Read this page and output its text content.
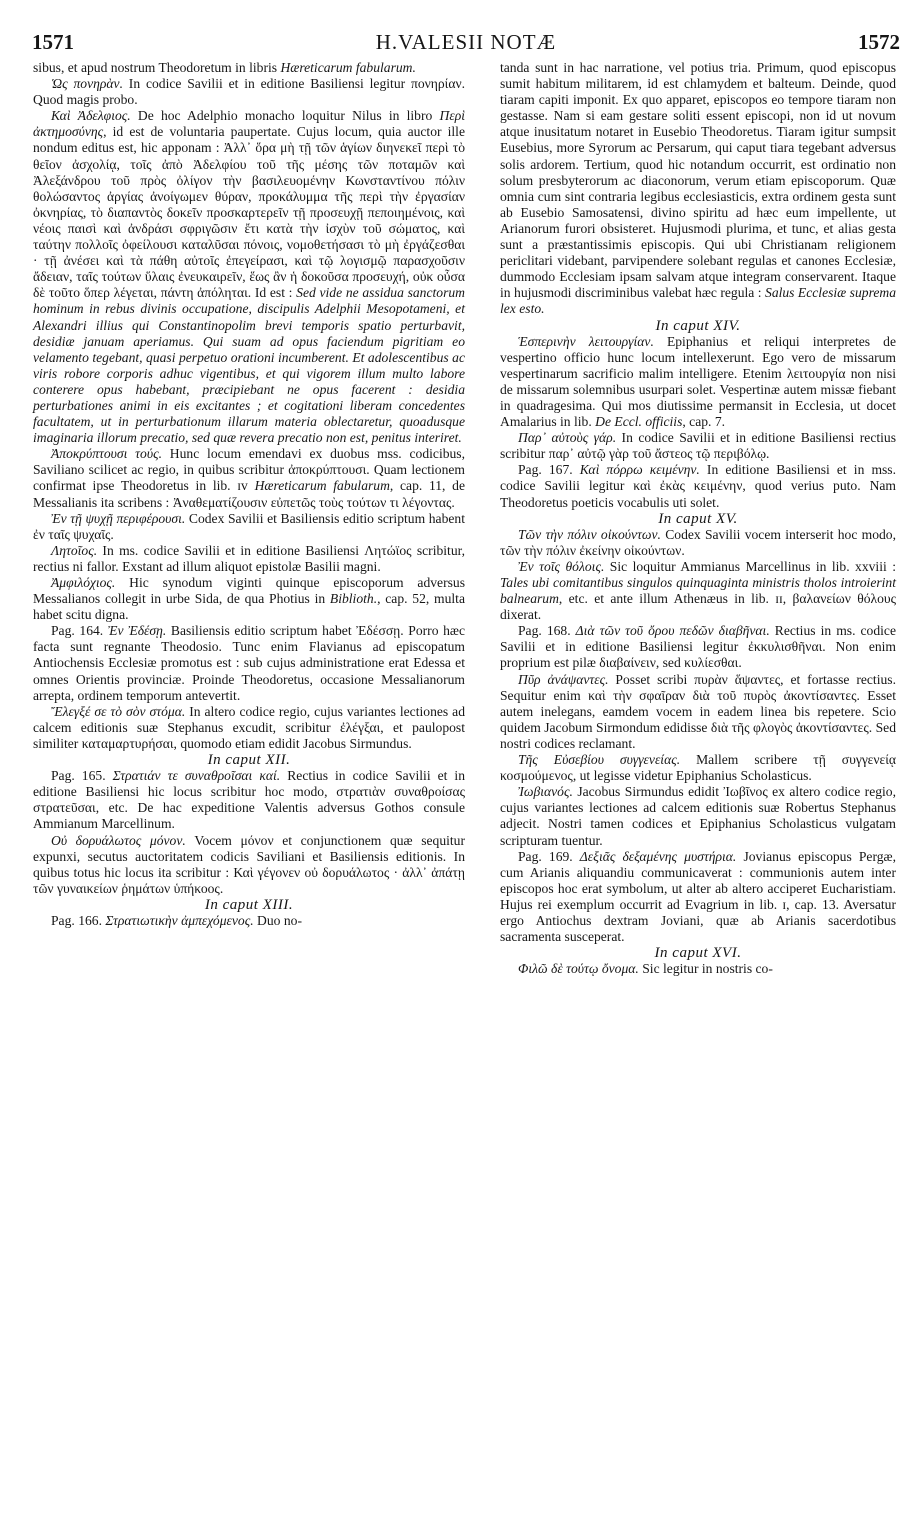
1571	H.VALESII NOTÆ	1572

sibus, et apud nostrum Theodoretum in libris Hæreticarum fabularum.

Ὡς πονηρὰν. In codice Savilii et in editione Basiliensi legitur πονηρίαν. Quod magis probo.

Καὶ Ἀδελφιος. De hoc Adelphio monacho loquitur Nilus in libro Περὶ ἀκτημοσύνης, id est de voluntaria paupertate. Cujus locum, quia auctor ille nondum editus est, hic apponam : Ἀλλ᾽ ὅρα μὴ τῇ τῶν ἁγίων διηνεκεῖ περὶ τὸ θεῖον ἀσχολίᾳ, τοῖς ἀπὸ Ἀδελφίου τοῦ τῆς μέσης τῶν ποταμῶν καὶ Ἀλεξάνδρου τοῦ πρὸς ὀλίγον τὴν βασιλευομένην Κωνσταντίνου πόλιν θολώσαντος ἀργίας ἀνοίγωμεν θύραν, προκάλυμμα τῆς περὶ τὴν ἐργασίαν ὀκνηρίας, τὸ διαπαντὸς δοκεῖν προσκαρτερεῖν τῇ προσευχῇ πεποιημένοις, καὶ νέοις παισὶ καὶ ἀνδράσι σφριγῶσιν ἔτι κατὰ τὴν ἰσχὺν τοῦ σώματος, καὶ ταύτην πολλοῖς ὀφείλουσι καταλῦσαι πόνοις, νομοθετήσασι τὸ μὴ ἐργάζεσθαι · τῇ ἀνέσει καὶ τὰ πάθη αὐτοῖς ἐπεγείρασι, καὶ τῷ λογισμῷ παρασχοῦσιν ἄδειαν, ταῖς τούτων ὕλαις ἐνευκαιρεῖν, ἕως ἂν ἡ δοκοῦσα προσευχή, οὐκ οὖσα δὲ τοῦτο ὅπερ λέγεται, πάντη ἀπόληται. Id est : Sed vide ne assidua sanctorum hominum in rebus divinis occupatione, discipulis Adelphii Mesopotameni, et Alexandri illius qui Constantinopolim brevi temporis spatio perturbavit, desidiæ januam aperiamus. Qui suam ad opus faciendum pigritiam eo velamento tegebant, quasi perpetuo orationi incumberent. Et adolescentibus ac viris robore corporis adhuc vigentibus, et qui vigorem illum multo labore conterere opus habebant, præcipiebant ne opus facerent : desidia perturbationes animi in eis excitantes ; et cogitationi liberam concedentes facultatem, ut in perturbationum illarum materia oblectaretur, quoadusque imaginaria illorum precatio, sed quæ revera precatio non est, penitus interiret.

Ἀποκρύπτουσι τούς. Hunc locum emendavi ex duobus mss. codicibus, Saviliano scilicet ac regio, in quibus scribitur ἀποκρύπτουσι. Quam lectionem confirmat ipse Theodoretus in lib. ɪv Hæreticarum fabularum, cap. 11, de Messalianis ita scribens : Ἀναθεματίζουσιν εὐπετῶς τοὺς τούτων τι λέγοντας.

Ἐν τῇ ψυχῇ περιφέρουσι. Codex Savilii et Basiliensis editio scriptum habent ἐν ταῖς ψυχαῖς.

Λητοῖος. In ms. codice Savilii et in editione Basiliensi Λητώϊος scribitur, rectius ni fallor. Exstant ad illum aliquot epistolæ Basilii magni.

Ἀμφιλόχιος. Hic synodum viginti quinque episcoporum adversus Messalianos collegit in urbe Sida, de qua Photius in Biblioth., cap. 52, multa habet scitu digna.

Pag. 164. Ἐν Ἐδέσῃ. Basiliensis editio scriptum habet Ἐδέσσῃ. Porro hæc facta sunt regnante Theodosio. Tunc enim Flavianus ad episcopatum Antiochensis Ecclesiæ promotus est : sub cujus administratione erat Edessa et omnes Orientis provinciæ. Proinde Theodoretus, occasione Messalianorum arrepta, ordinem temporum antevertit.

Ἔλεγξέ σε τὸ σὸν στόμα. In altero codice regio, cujus variantes lectiones ad calcem editionis suæ Stephanus excudit, scribitur ἐλέγξαι, et paulopost similiter καταμαρτυρήσαι, quomodo etiam edidit Jacobus Sirmundus.

In caput XII.

Pag. 165. Στρατιάν τε συναθροῖσαι καί. Rectius in codice Savilii et in editione Basiliensi hic locus scribitur hoc modo, στρατιὰν συναθροίσας στρατεῦσαι, etc. De hac expeditione Valentis adversus Gothos consule Ammianum Marcellinum.

Οὐ δορυάλωτος μόνον. Vocem μόνον et conjunctionem quæ sequitur expunxi, secutus auctoritatem codicis Saviliani et Basiliensis editionis. In quibus totus hic locus ita scribitur : Καὶ γέγονεν οὐ δορυάλωτος · ἀλλ᾽ ἀπάτῃ τῶν γυναικείων ῥημάτων ὑπήκοος.

In caput XIII.

Pag. 166. Στρατιωτικὴν ἀμπεχόμενος. Duo no-

tanda sunt in hac narratione, vel potius tria. Primum, quod episcopus sumit habitum militarem, id est chlamydem et balteum. Deinde, quod tiaram capiti imponit. Ex quo apparet, episcopos eo tempore tiaram non gestasse. Nam si eam gestare soliti essent episcopi, non id ut novum atque inusitatum notaret in Eusebio Theodoretus. Tiaram igitur sumpsit Eusebius, more Syrorum ac Persarum, qui caput tiara tegebant adversus solis ardorem. Tertium, quod hic notandum occurrit, est ordinatio non solum presbyterorum ac diaconorum, verum etiam episcoporum. Quæ omnia cum sint contraria legibus ecclesiasticis, extra ordinem gesta sunt ab Eusebio Samosatensi, divino spiritu ad hæc eum impellente, ut Arianorum furori obsisteret. Hujusmodi plurima, et tunc, et alias gesta sunt a præstantissimis episcopis. Qui ubi Christianam religionem periclitari videbant, parvipendere solebant regulas et canones Ecclesiæ, dummodo Ecclesiam ipsam salvam atque integram conservarent. Itaque in hujusmodi discriminibus valebat hæc regula : Salus Ecclesiæ suprema lex esto.

In caput XIV.

Ἑσπερινὴν λειτουργίαν. Epiphanius et reliqui interpretes de vespertino officio hunc locum intellexerunt. Ego vero de missarum vespertinarum sacrificio malim intelligere. Etenim λειτουργία non nisi de missarum solemnibus usurpari solet. Vespertinæ autem missæ fiebant in quadragesima. Qui mos diutissime permansit in Ecclesia, ut docet Amalarius in lib. De Eccl. officiis, cap. 7.

Παρ᾽ αὐτοὺς γάρ. In codice Savilii et in editione Basiliensi rectius scribitur παρ᾽ αὐτῷ γὰρ τοῦ ἄστεος τῷ περιβόλῳ.

Pag. 167. Καὶ πόρρω κειμένην. In editione Basiliensi et in mss. codice Savilii legitur καὶ ἐκὰς κειμένην, quod verius puto. Nam Theodoretus poeticis vocabulis uti solet.

In caput XV.

Τῶν τὴν πόλιν οἰκούντων. Codex Savilii vocem interserit hoc modo, τῶν τὴν πόλιν ἐκείνην οἰκούντων.

Ἐν τοῖς θόλοις. Sic loquitur Ammianus Marcellinus in lib. xxviii : Tales ubi comitantibus singulos quinquaginta ministris tholos introierint balnearum, etc. et ante illum Athenæus in lib. ɪɪ, βαλανείων θόλους dixerat.

Pag. 168. Διὰ τῶν τοῦ ὄρου πεδῶν διαβῆναι. Rectius in ms. codice Savilii et in editione Basiliensi legitur ἐκκυλισθῆναι. Non enim proprium est pilæ διαβαίνειν, sed κυλίεσθαι.

Πῦρ ἀνάψαντες. Posset scribi πυρὰν ἅψαντες, et fortasse rectius. Sequitur enim καὶ τὴν σφαῖραν διὰ τοῦ πυρὸς ἀκοντίσαντες. Esset autem inelegans, eamdem vocem in eadem linea bis repetere. Scio quidem Jacobum Sirmondum edidisse διὰ τῆς φλογὸς ἀκοντίσαντες. Sed nostri codices reclamant.

Τῆς Εὐσεβίου συγγενείας. Mallem scribere τῇ συγγενείᾳ κοσμούμενος, ut legisse videtur Epiphanius Scholasticus.

Ἰωβιανός. Jacobus Sirmundus edidit Ἰωβῖνος ex altero codice regio, cujus variantes lectiones ad calcem editionis suæ Robertus Stephanus adjecit. Nostri tamen codices et Epiphanius Scholasticus vulgatam scripturam tuentur.

Pag. 169. Δεξιᾶς δεξαμένης μυστήρια. Jovianus episcopus Pergæ, cum Arianis aliquandiu communicaverat : communionis autem inter episcopos hoc erat symbolum, ut alter ab altero acciperet Eucharistiam. Hujus rei exemplum occurrit ad Evagrium in lib. ɪ, cap. 13. Aversatur ergo Antiochus dextram Joviani, quæ ab Arianis sacerdotibus sacramenta susceperat.

In caput XVI.

Φιλῶ δὲ τούτῳ ὄνομα. Sic legitur in nostris co-
